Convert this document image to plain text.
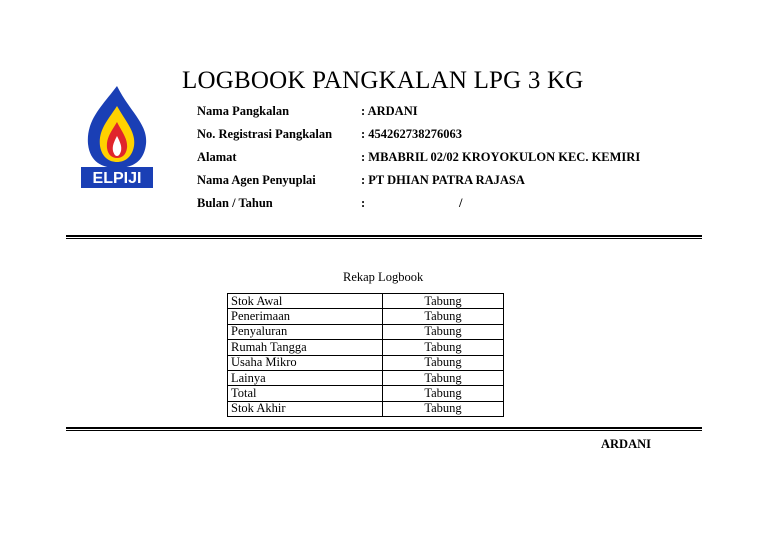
ELPIJI
LOGBOOK PANGKALAN LPG 3 KG
Nama Pangkalan	: ARDANI
No. Registrasi Pangkalan : 454262738276063
Alamat	: MBABRIL 02/02 KROYOKULON KEC. KEMIRI
Nama Agen Penyuplai	: PT DHIAN PATRA RAJASA
Bulan / Tahun	:	/
Rekap Logbook
Stok Awal	Tabung
Penerimaan	Tabung
Penyaluran	Tabung
Rumah Tangga	Tabung
Usaha Mikro	Tabung
Lainya	Tabung
Total	Tabung
Stok Akhir	Tabung
ARDANI
